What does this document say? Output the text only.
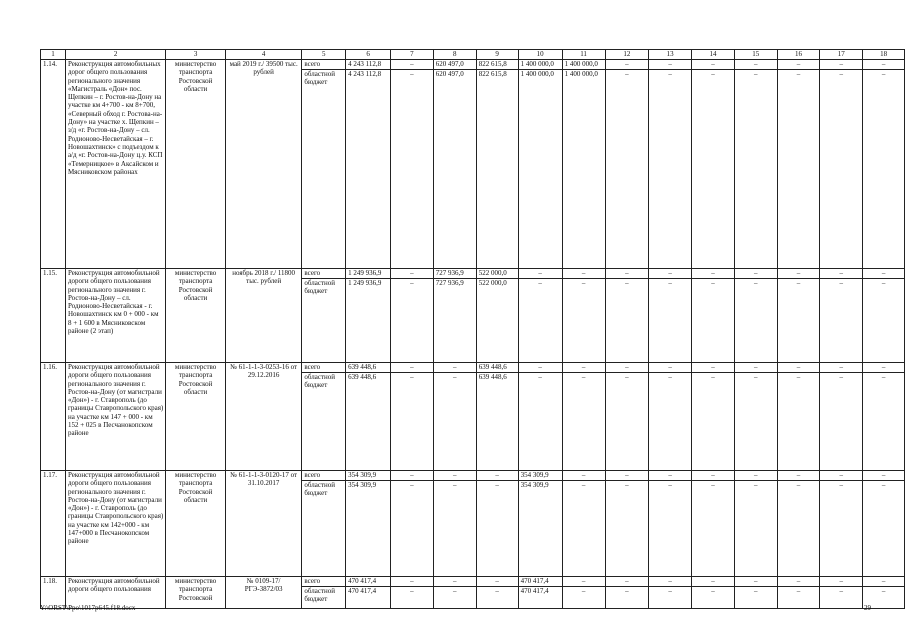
1	2	3	4	5	6	7	8	9	10	11	12	13	14	15	16	17	18
1.14.	Реконструкция автомобильных дорог общего пользования регионального значения «Магистраль «Дон» пос. Щепкин – г. Ростов-на-Дону на участке км 4+700 - км 8+700, «Северный обход г. Ростова-на-Дону» на участке х. Щепкин – з/д «г. Ростов-на-Дону – сл. Родионово-Несветайская – г. Новошахтинск» с подъездом к а/д «г. Ростов-на-Дону ц.у. КСП «Темерницкое» в Аксайском и Мясниковском районах	министерство транспорта Ростовской области	май 2019 г./ 39500 тыс. рублей	всего	4 243 112,8	–	620 497,0	822 615,8	1 400 000,0	1 400 000,0	–	–	–	–	–	–	–
				областной бюджет	4 243 112,8	–	620 497,0	822 615,8	1 400 000,0	1 400 000,0	–	–	–	–	–	–	–
1.15.	Реконструкция автомобильной дороги общего пользования регионального значения г. Ростов-на-Дону – сл. Родионово-Несветайская - г. Новошахтинск км 0 + 000 - км 8 + 1 600 в Мясниковском районе (2 этап)	министерство транспорта Ростовской области	ноябрь 2018 г./ 11800 тыс. рублей	всего	1 249 936,9	–	727 936,9	522 000,0	–	–	–	–	–	–	–	–	–
				областной бюджет	1 249 936,9	–	727 936,9	522 000,0	–	–	–	–	–	–	–	–	–
1.16.	Реконструкция автомобильной дороги общего пользования регионального значения г. Ростов-на-Дону (от магистрали «Дон») - г. Ставрополь (до границы Ставропольского края) на участке км 147 + 000 - км 152 + 025 в Песчанокопском районе	министерство транспорта Ростовской области	№ 61-1-1-3-0253-16 от 29.12.2016	всего	639 448,6	–	–	639 448,6	–	–	–	–	–	–	–	–	–
				областной бюджет	639 448,6	–	–	639 448,6	–	–	–	–	–	–	–	–	–
1.17.	Реконструкция автомобильной дороги общего пользования регионального значения г. Ростов-на-Дону (от магистрали «Дон») - г. Ставрополь (до границы Ставропольского края) на участке км 142+000 - км 147+000 в Песчанокопском районе	министерство транспорта Ростовской области	№ 61-1-1-3-0120-17 от 31.10.2017	всего	354 309,9	–	–	–	354 309,9	–	–	–	–	–	–	–	–
				областной бюджет	354 309,9	–	–	–	354 309,9	–	–	–	–	–	–	–	–
1.18.	Реконструкция автомобильной дороги общего пользования	министерство транспорта Ростовской	№ 0109-17/РГЭ-3872/03	всего	470 417,4	–	–	–	470 417,4	–	–	–	–	–	–	–	–
				областной бюджет	470 417,4	–	–	–	470 417,4	–	–	–	–	–	–	–	–
Y:\ORST\Ppo\1017p645.f18.docx	29
